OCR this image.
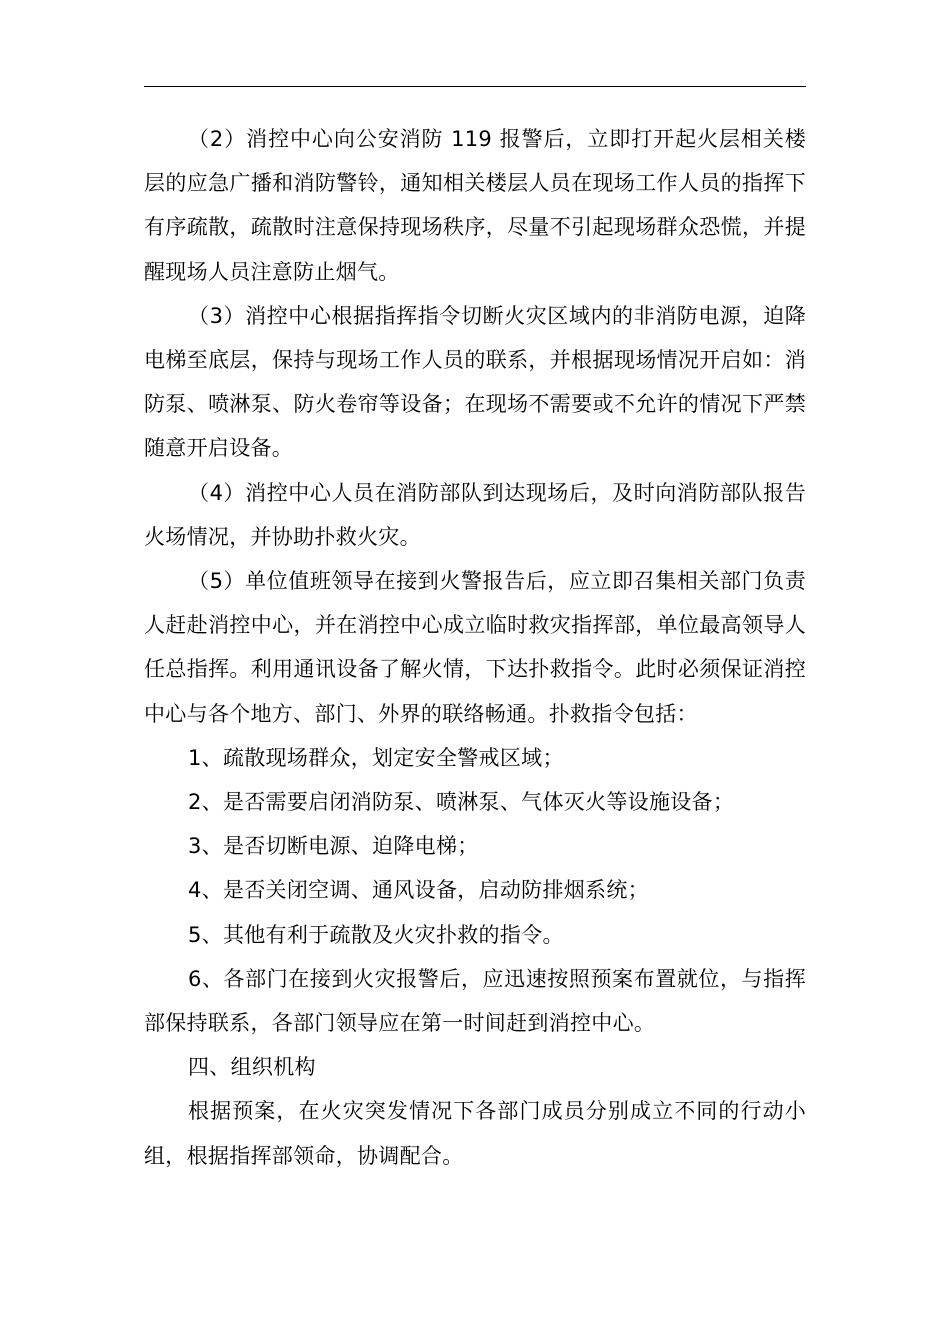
（2）消控中心向公安消防 119 报警后，立即打开起火层相关楼层的应急广播和消防警铃，通知相关楼层人员在现场工作人员的指挥下有序疏散，疏散时注意保持现场秩序，尽量不引起现场群众恐慌，并提醒现场人员注意防止烟气。

（3）消控中心根据指挥指令切断火灾区域内的非消防电源，迫降电梯至底层，保持与现场工作人员的联系，并根据现场情况开启如：消防泵、喷淋泵、防火卷帘等设备；在现场不需要或不允许的情况下严禁随意开启设备。

（4）消控中心人员在消防部队到达现场后，及时向消防部队报告火场情况，并协助扑救火灾。

（5）单位值班领导在接到火警报告后，应立即召集相关部门负责人赶赴消控中心，并在消控中心成立临时救灾指挥部，单位最高领导人任总指挥。利用通讯设备了解火情，下达扑救指令。此时必须保证消控中心与各个地方、部门、外界的联络畅通。扑救指令包括：

1、疏散现场群众，划定安全警戒区域；

2、是否需要启闭消防泵、喷淋泵、气体灭火等设施设备；

3、是否切断电源、迫降电梯；

4、是否关闭空调、通风设备，启动防排烟系统；

5、其他有利于疏散及火灾扑救的指令。

6、各部门在接到火灾报警后，应迅速按照预案布置就位，与指挥部保持联系，各部门领导应在第一时间赶到消控中心。

四、组织机构

根据预案，在火灾突发情况下各部门成员分别成立不同的行动小组，根据指挥部领命，协调配合。
